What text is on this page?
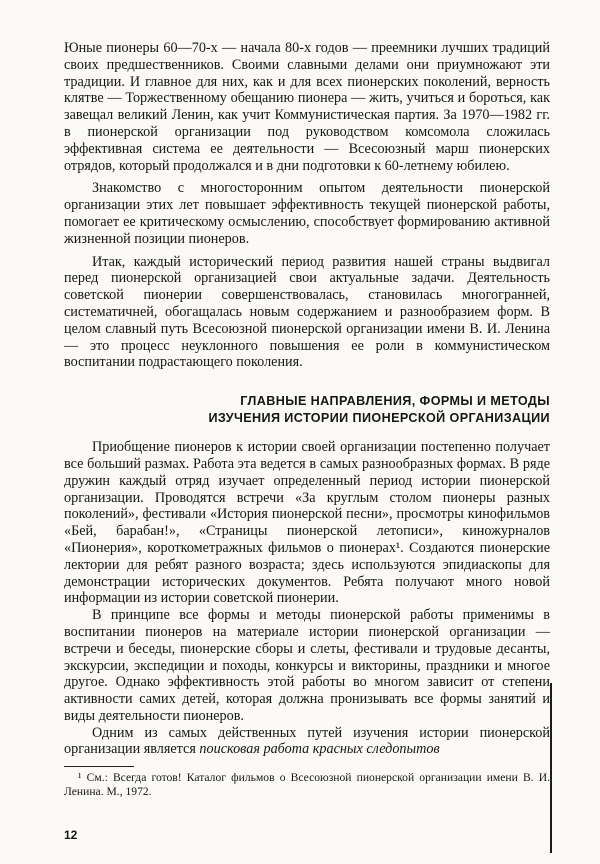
Юные пионеры 60—70-х — начала 80-х годов — преемники лучших традиций своих предшественников. Своими славными делами они приумножают эти традиции. И главное для них, как и для всех пионерских поколений, верность клятве — Торжественному обещанию пионера — жить, учиться и бороться, как завещал великий Ленин, как учит Коммунистическая партия. За 1970—1982 гг. в пионерской организации под руководством комсомола сложилась эффективная система ее деятельности — Всесоюзный марш пионерских отрядов, который продолжался и в дни подготовки к 60-летнему юбилею.

Знакомство с многосторонним опытом деятельности пионерской организации этих лет повышает эффективность текущей пионерской работы, помогает ее критическому осмыслению, способствует формированию активной жизненной позиции пионеров.

Итак, каждый исторический период развития нашей страны выдвигал перед пионерской организацией свои актуальные задачи. Деятельность советской пионерии совершенствовалась, становилась многогранней, систематичней, обогащалась новым содержанием и разнообразием форм. В целом славный путь Всесоюзной пионерской организации имени В. И. Ленина — это процесс неуклонного повышения ее роли в коммунистическом воспитании подрастающего поколения.

ГЛАВНЫЕ НАПРАВЛЕНИЯ, ФОРМЫ И МЕТОДЫ
ИЗУЧЕНИЯ ИСТОРИИ ПИОНЕРСКОЙ ОРГАНИЗАЦИИ

Приобщение пионеров к истории своей организации постепенно получает все больший размах. Работа эта ведется в самых разнообразных формах. В ряде дружин каждый отряд изучает определенный период истории пионерской организации. Проводятся встречи «За круглым столом пионеры разных поколений», фестивали «История пионерской песни», просмотры кинофильмов «Бей, барабан!», «Страницы пионерской летописи», киножурналов «Пионерия», короткометражных фильмов о пионерах¹. Создаются пионерские лектории для ребят разного возраста; здесь используются эпидиаскопы для демонстрации исторических документов. Ребята получают много новой информации из истории советской пионерии.

В принципе все формы и методы пионерской работы применимы в воспитании пионеров на материале истории пионерской организации — встречи и беседы, пионерские сборы и слеты, фестивали и трудовые десанты, экскурсии, экспедиции и походы, конкурсы и викторины, праздники и многое другое. Однако эффективность этой работы во многом зависит от степени активности самих детей, которая должна пронизывать все формы занятий и виды деятельности пионеров.

Одним из самых действенных путей изучения истории пионерской организации является поисковая работа красных следопытов

¹ См.: Всегда готов! Каталог фильмов о Всесоюзной пионерской организации имени В. И. Ленина. М., 1972.

12
